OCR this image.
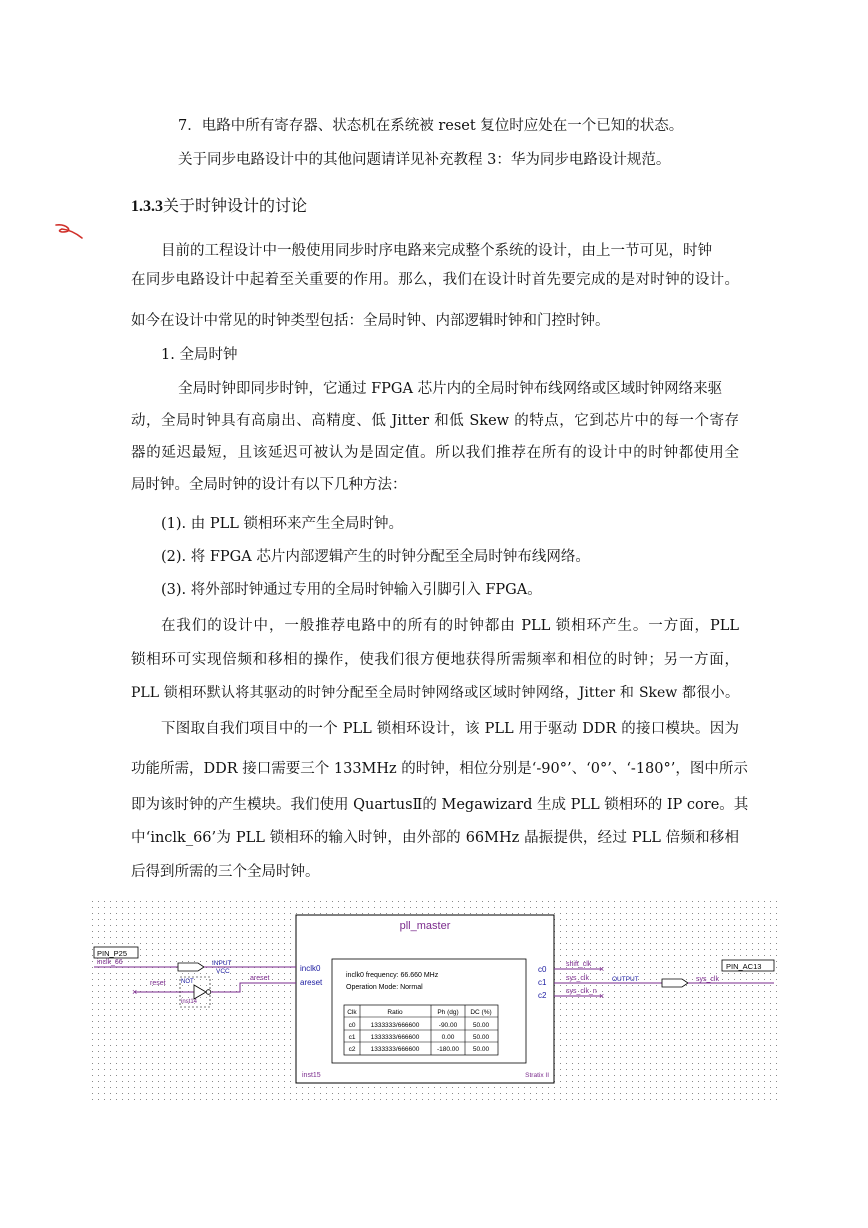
7．电路中所有寄存器、状态机在系统被 reset 复位时应处在一个已知的状态。
关于同步电路设计中的其他问题请详见补充教程 3：华为同步电路设计规范。
1.3.3关于时钟设计的讨论
目前的工程设计中一般使用同步时序电路来完成整个系统的设计，由上一节可见，时钟
在同步电路设计中起着至关重要的作用。那么，我们在设计时首先要完成的是对时钟的设计。
如今在设计中常见的时钟类型包括：全局时钟、内部逻辑时钟和门控时钟。
1. 全局时钟
全局时钟即同步时钟，它通过 FPGA 芯片内的全局时钟布线网络或区域时钟网络来驱
动，全局时钟具有高扇出、高精度、低 Jitter 和低 Skew 的特点，它到芯片中的每一个寄存
器的延迟最短，且该延迟可被认为是固定值。所以我们推荐在所有的设计中的时钟都使用全
局时钟。全局时钟的设计有以下几种方法：
(1). 由 PLL 锁相环来产生全局时钟。
(2). 将 FPGA 芯片内部逻辑产生的时钟分配至全局时钟布线网络。
(3). 将外部时钟通过专用的全局时钟输入引脚引入 FPGA。
在我们的设计中，一般推荐电路中的所有的时钟都由 PLL 锁相环产生。一方面，PLL
锁相环可实现倍频和移相的操作，使我们很方便地获得所需频率和相位的时钟；另一方面，
PLL 锁相环默认将其驱动的时钟分配至全局时钟网络或区域时钟网络，Jitter 和 Skew 都很小。
下图取自我们项目中的一个 PLL 锁相环设计，该 PLL 用于驱动 DDR 的接口模块。因为
功能所需，DDR 接口需要三个 133MHz 的时钟，相位分别是‘-90°’、‘0°’、‘-180°’，图中所示
即为该时钟的产生模块。我们使用 QuartusⅡ的 Megawizard 生成 PLL 锁相环的 IP core。其
中‘inclk_66’为 PLL 锁相环的输入时钟，由外部的 66MHz 晶振提供，经过 PLL 倍频和移相
后得到所需的三个全局时钟。
pll_master
inclk0 frequency: 66.660 MHz
Operation Mode: Normal
Clk	Ratio	Ph (dg) DC (%)
c0 1333333/666600	-90.00 50.00
c1 1333333/666600	0.00	50.00
c2 1333333/666600	-180.00 50.00
inclk0
areset
c0
c1
c2
inst15	Stratix II
PIN_P25
inclk_66	INPUT
VCC
reset
×
NOT
inst14
areset
shift_clk ×
sys_clk
sys_clk_n ×
OUTPUT	sys_clk
PIN_AC13
